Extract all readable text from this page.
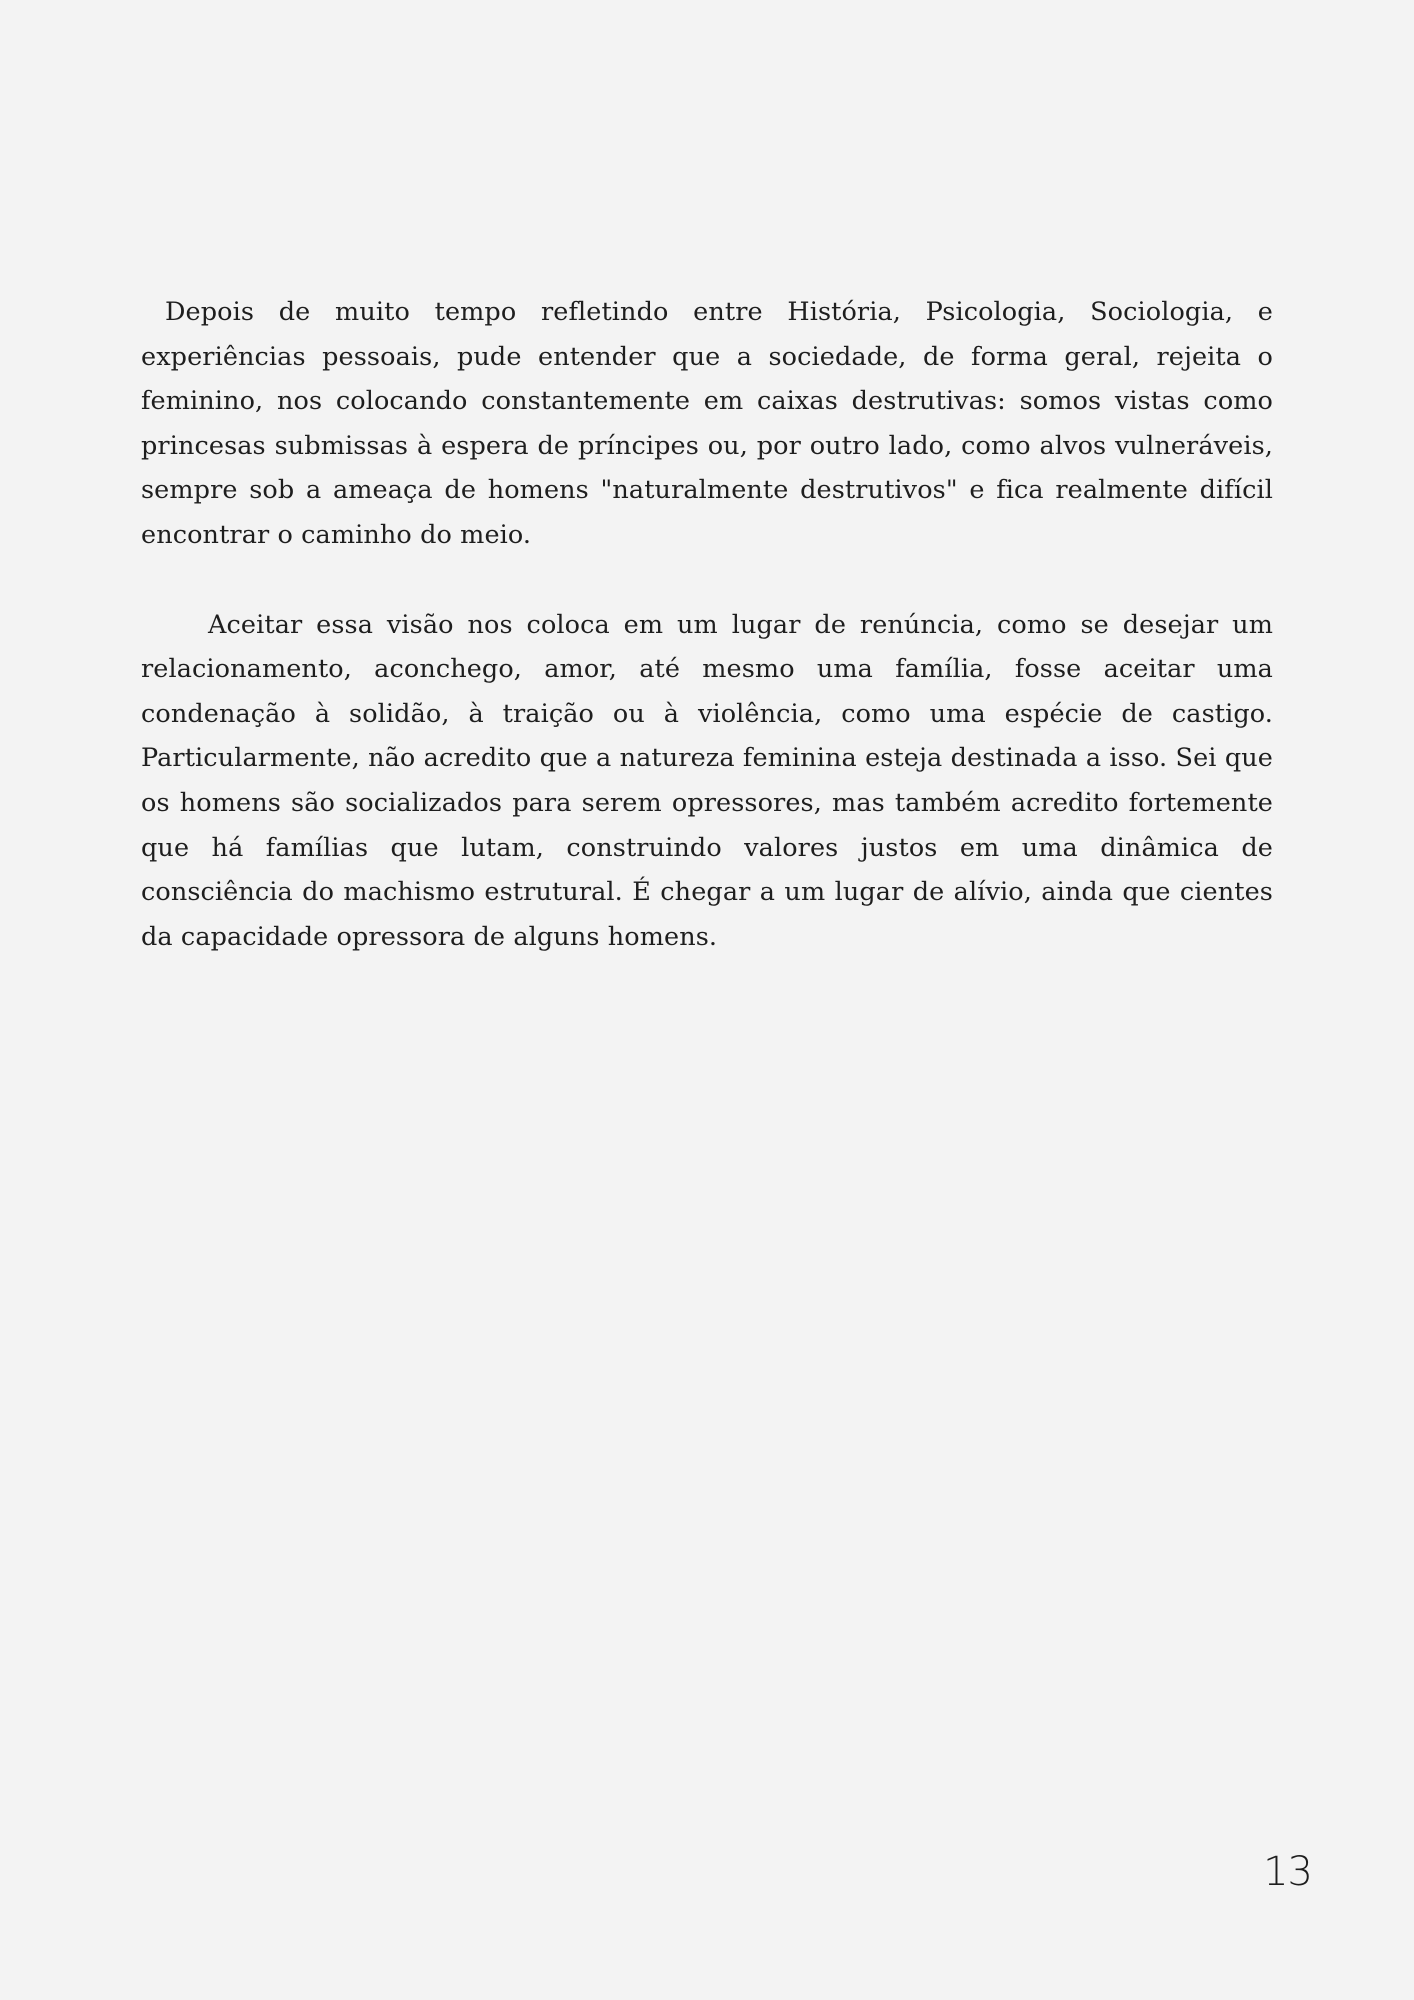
Depois de muito tempo refletindo entre História, Psicologia, Sociologia, e experiências pessoais, pude entender que a sociedade, de forma geral, rejeita o feminino, nos colocando constantemente em caixas destrutivas: somos vistas como princesas submissas à espera de príncipes ou, por outro lado, como alvos vulneráveis, sempre sob a ameaça de homens "naturalmente destrutivos" e fica realmente difícil encontrar o caminho do meio.

Aceitar essa visão nos coloca em um lugar de renúncia, como se desejar um relacionamento, aconchego, amor, até mesmo uma família, fosse aceitar uma condenação à solidão, à traição ou à violência, como uma espécie de castigo. Particularmente, não acredito que a natureza feminina esteja destinada a isso. Sei que os homens são socializados para serem opressores, mas também acredito fortemente que há famílias que lutam, construindo valores justos em uma dinâmica de consciência do machismo estrutural. É chegar a um lugar de alívio, ainda que cientes da capacidade opressora de alguns homens.

13
